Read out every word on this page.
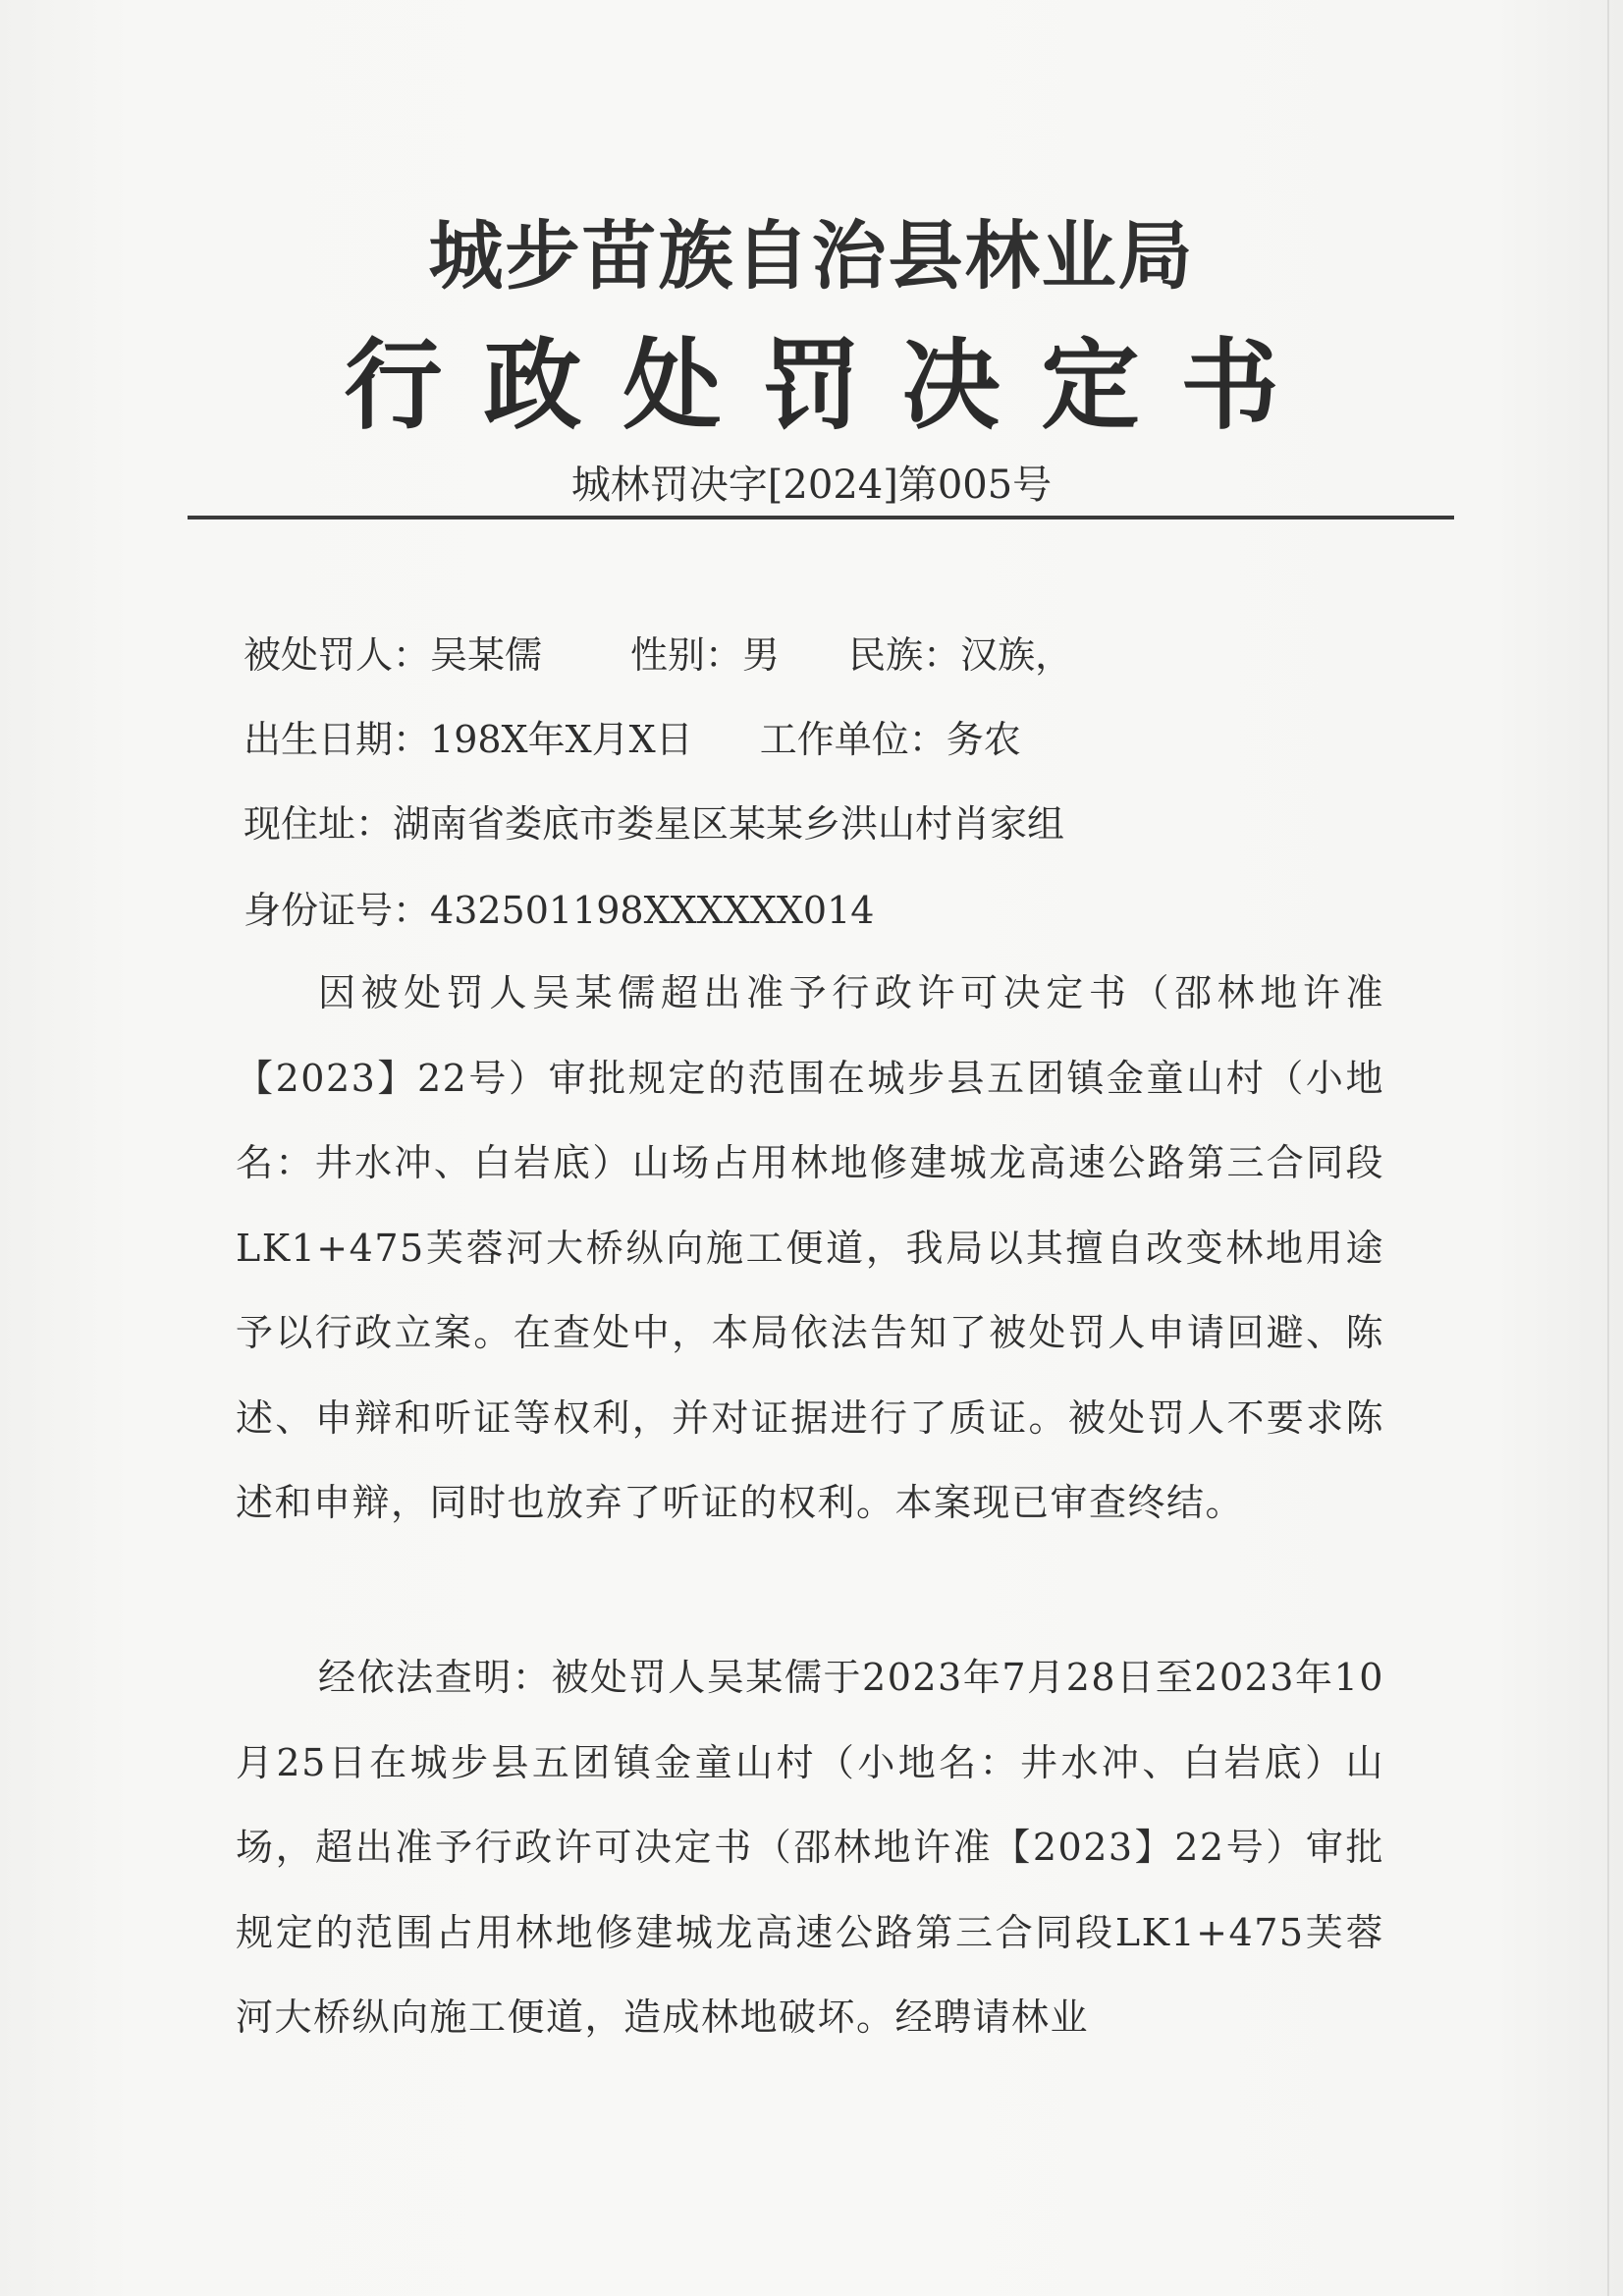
城步苗族自治县林业局
行政处罚决定书
城林罚决字[2024]第005号
被处罚人：吴某儒 性别：男 民族：汉族，
出生日期：198X年X月X日 工作单位：务农
现住址：湖南省娄底市娄星区某某乡洪山村肖家组
身份证号：432501198XXXXXX014
因被处罚人吴某儒超出准予行政许可决定书（邵林地许准【2023】22号）审批规定的范围在城步县五团镇金童山村（小地名：井水冲、白岩底）山场占用林地修建城龙高速公路第三合同段LK1+475芙蓉河大桥纵向施工便道，我局以其擅自改变林地用途予以行政立案。在查处中，本局依法告知了被处罚人申请回避、陈述、申辩和听证等权利，并对证据进行了质证。被处罚人不要求陈述和申辩，同时也放弃了听证的权利。本案现已审查终结。
经依法查明：被处罚人吴某儒于2023年7月28日至2023年10月25日在城步县五团镇金童山村（小地名：井水冲、白岩底）山场，超出准予行政许可决定书（邵林地许准【2023】22号）审批规定的范围占用林地修建城龙高速公路第三合同段LK1+475芙蓉河大桥纵向施工便道，造成林地破坏。经聘请林业
